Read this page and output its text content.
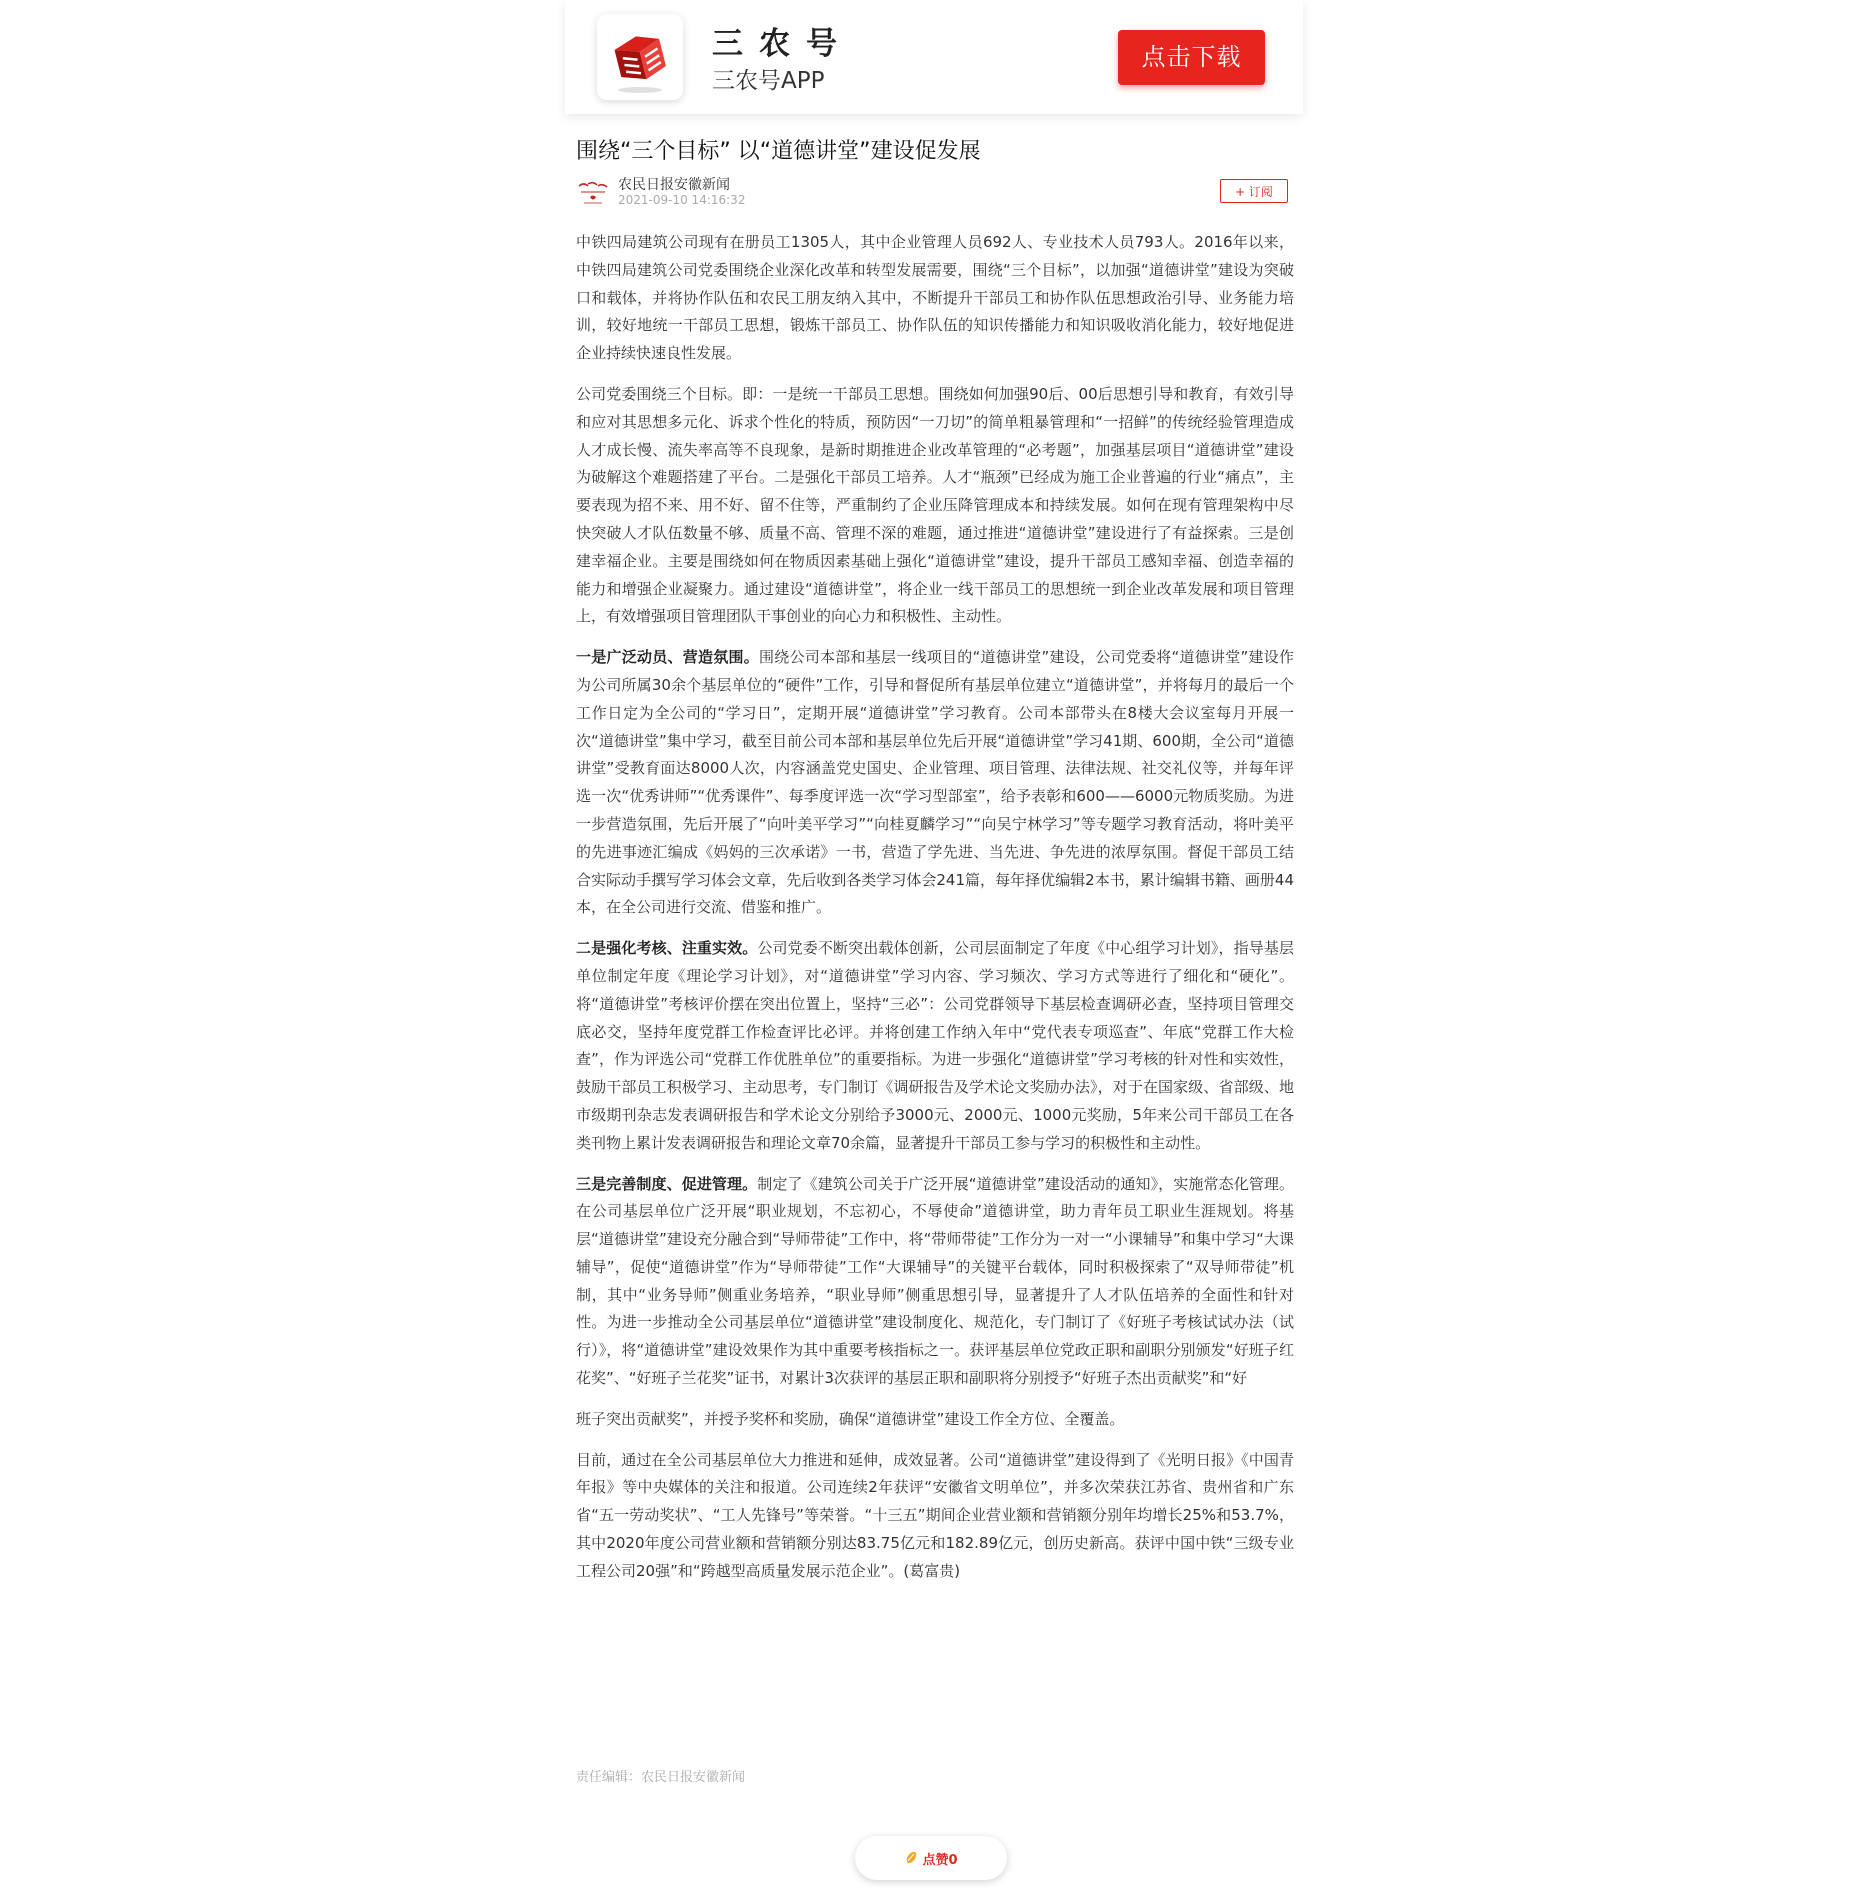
三农号
三农号APP
点击下载
围绕“三个目标” 以“道德讲堂”建设促发展
农民日报安徽新闻
2021-09-10 14:16:32
+ 订阅

中铁四局建筑公司现有在册员工1305人，其中企业管理人员692人、专业技术人员793人。2016年以来，中铁四局建筑公司党委围绕企业深化改革和转型发展需要，围绕“三个目标”，以加强“道德讲堂”建设为突破口和载体，并将协作队伍和农民工朋友纳入其中，不断提升干部员工和协作队伍思想政治引导、业务能力培训，较好地统一干部员工思想，锻炼干部员工、协作队伍的知识传播能力和知识吸收消化能力，较好地促进企业持续快速良性发展。

公司党委围绕三个目标。即：一是统一干部员工思想。围绕如何加强90后、00后思想引导和教育，有效引导和应对其思想多元化、诉求个性化的特质，预防因“一刀切”的简单粗暴管理和“一招鲜”的传统经验管理造成人才成长慢、流失率高等不良现象，是新时期推进企业改革管理的“必考题”，加强基层项目“道德讲堂”建设为破解这个难题搭建了平台。二是强化干部员工培养。人才“瓶颈”已经成为施工企业普遍的行业“痛点”，主要表现为招不来、用不好、留不住等，严重制约了企业压降管理成本和持续发展。如何在现有管理架构中尽快突破人才队伍数量不够、质量不高、管理不深的难题，通过推进“道德讲堂”建设进行了有益探索。三是创建幸福企业。主要是围绕如何在物质因素基础上强化“道德讲堂”建设，提升干部员工感知幸福、创造幸福的能力和增强企业凝聚力。通过建设“道德讲堂”，将企业一线干部员工的思想统一到企业改革发展和项目管理上，有效增强项目管理团队干事创业的向心力和积极性、主动性。

一是广泛动员、营造氛围。围绕公司本部和基层一线项目的“道德讲堂”建设，公司党委将“道德讲堂”建设作为公司所属30余个基层单位的“硬件”工作，引导和督促所有基层单位建立“道德讲堂”，并将每月的最后一个工作日定为全公司的“学习日”，定期开展“道德讲堂”学习教育。公司本部带头在8楼大会议室每月开展一次“道德讲堂”集中学习，截至目前公司本部和基层单位先后开展“道德讲堂”学习41期、600期，全公司“道德讲堂”受教育面达8000人次，内容涵盖党史国史、企业管理、项目管理、法律法规、社交礼仪等，并每年评选一次“优秀讲师”“优秀课件”、每季度评选一次“学习型部室”，给予表彰和600——6000元物质奖励。为进一步营造氛围，先后开展了“向叶美平学习”“向桂夏麟学习”“向吴宁林学习”等专题学习教育活动，将叶美平的先进事迹汇编成《妈妈的三次承诺》一书，营造了学先进、当先进、争先进的浓厚氛围。督促干部员工结合实际动手撰写学习体会文章，先后收到各类学习体会241篇，每年择优编辑2本书，累计编辑书籍、画册44本，在全公司进行交流、借鉴和推广。

二是强化考核、注重实效。公司党委不断突出载体创新，公司层面制定了年度《中心组学习计划》，指导基层单位制定年度《理论学习计划》，对“道德讲堂”学习内容、学习频次、学习方式等进行了细化和“硬化”。将“道德讲堂”考核评价摆在突出位置上，坚持“三必”：公司党群领导下基层检查调研必查，坚持项目管理交底必交，坚持年度党群工作检查评比必评。并将创建工作纳入年中“党代表专项巡查”、年底“党群工作大检查”，作为评选公司“党群工作优胜单位”的重要指标。为进一步强化“道德讲堂”学习考核的针对性和实效性，鼓励干部员工积极学习、主动思考，专门制订《调研报告及学术论文奖励办法》，对于在国家级、省部级、地市级期刊杂志发表调研报告和学术论文分别给予3000元、2000元、1000元奖励，5年来公司干部员工在各类刊物上累计发表调研报告和理论文章70余篇，显著提升干部员工参与学习的积极性和主动性。

三是完善制度、促进管理。制定了《建筑公司关于广泛开展“道德讲堂”建设活动的通知》，实施常态化管理。在公司基层单位广泛开展“职业规划，不忘初心，不辱使命”道德讲堂，助力青年员工职业生涯规划。将基层“道德讲堂”建设充分融合到“导师带徒”工作中，将“带师带徒”工作分为一对一“小课辅导”和集中学习“大课辅导”，促使“道德讲堂”作为“导师带徒”工作“大课辅导”的关键平台载体，同时积极探索了“双导师带徒”机制，其中“业务导师”侧重业务培养，“职业导师”侧重思想引导，显著提升了人才队伍培养的全面性和针对性。为进一步推动全公司基层单位“道德讲堂”建设制度化、规范化，专门制订了《好班子考核试试办法（试行）》，将“道德讲堂”建设效果作为其中重要考核指标之一。获评基层单位党政正职和副职分别颁发“好班子红花奖”、“好班子兰花奖”证书，对累计3次获评的基层正职和副职将分别授予“好班子杰出贡献奖”和“好

班子突出贡献奖”，并授予奖杯和奖励，确保“道德讲堂”建设工作全方位、全覆盖。

目前，通过在全公司基层单位大力推进和延伸，成效显著。公司“道德讲堂”建设得到了《光明日报》《中国青年报》等中央媒体的关注和报道。公司连续2年获评“安徽省文明单位”，并多次荣获江苏省、贵州省和广东省“五一劳动奖状”、“工人先锋号”等荣誉。“十三五”期间企业营业额和营销额分别年均增长25%和53.7%，其中2020年度公司营业额和营销额分别达83.75亿元和182.89亿元，创历史新高。获评中国中铁“三级专业工程公司20强”和“跨越型高质量发展示范企业”。(葛富贵)

责任编辑：农民日报安徽新闻
点赞0
